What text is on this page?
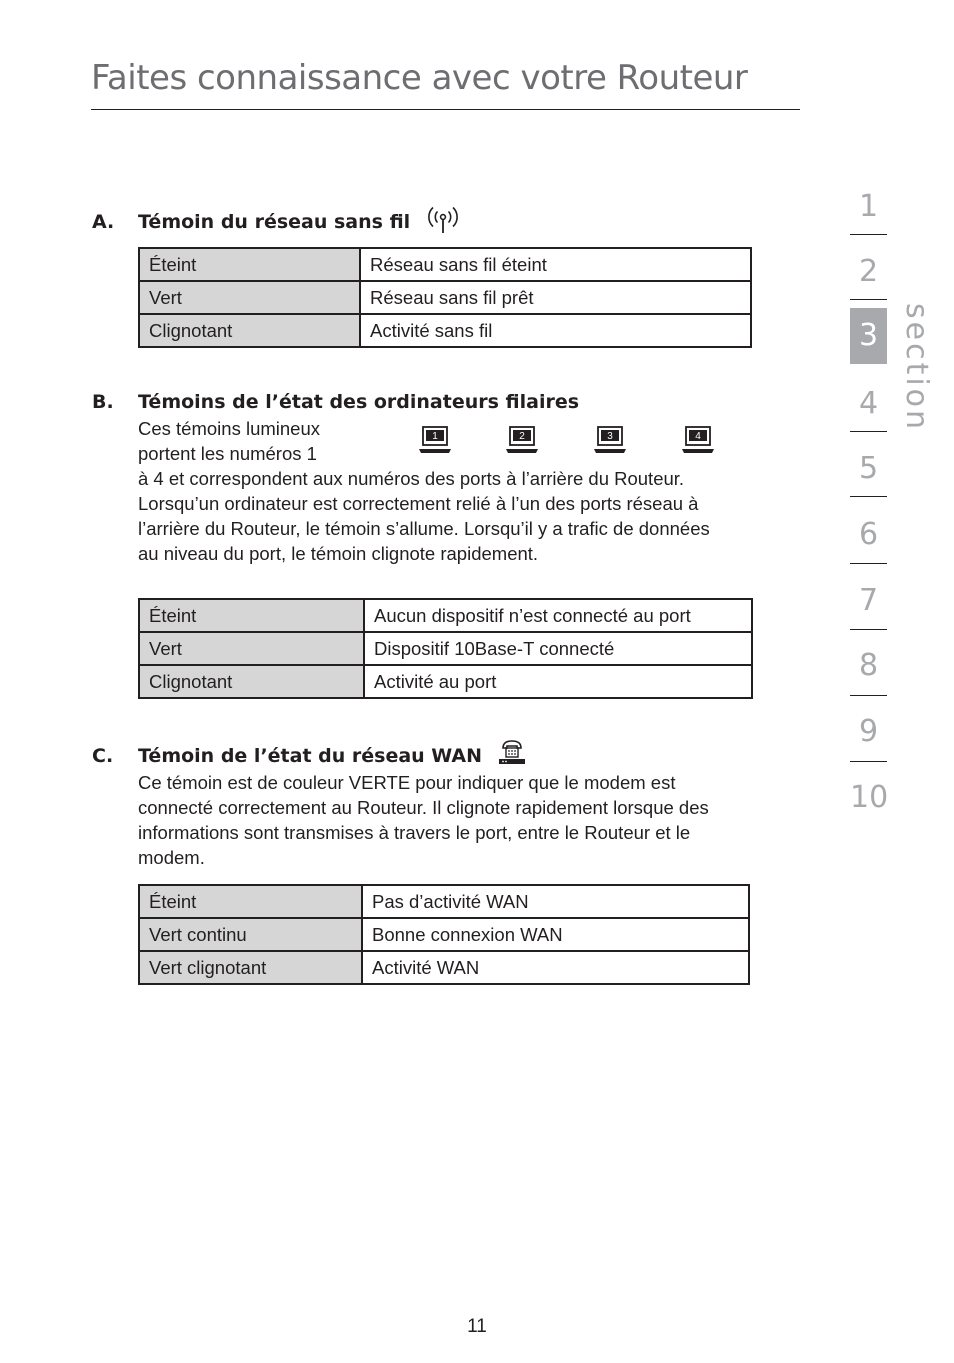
Faites connaissance avec votre Routeur
A. Témoin du réseau sans fil
Éteint	Réseau sans fil éteint
Vert	Réseau sans fil prêt
Clignotant	Activité sans fil
B. Témoins de l’état des ordinateurs filaires
Ces témoins lumineux
portent les numéros 1
à 4 et correspondent aux numéros des ports à l’arrière du Routeur.
Lorsqu’un ordinateur est correctement relié à l’un des ports réseau à
l’arrière du Routeur, le témoin s’allume. Lorsqu’il y a trafic de données
au niveau du port, le témoin clignote rapidement.
1	2	3	4
Éteint	Aucun dispositif n’est connecté au port
Vert	Dispositif 10Base-T connecté
Clignotant	Activité au port
C. Témoin de l’état du réseau WAN
Ce témoin est de couleur VERTE pour indiquer que le modem est
connecté correctement au Routeur. Il clignote rapidement lorsque des
informations sont transmises à travers le port, entre le Routeur et le
modem.
Éteint	Pas d’activité WAN
Vert continu	Bonne connexion WAN
Vert clignotant	Activité WAN
1
2
3
4
5
6
7
8
9
10
section
11
